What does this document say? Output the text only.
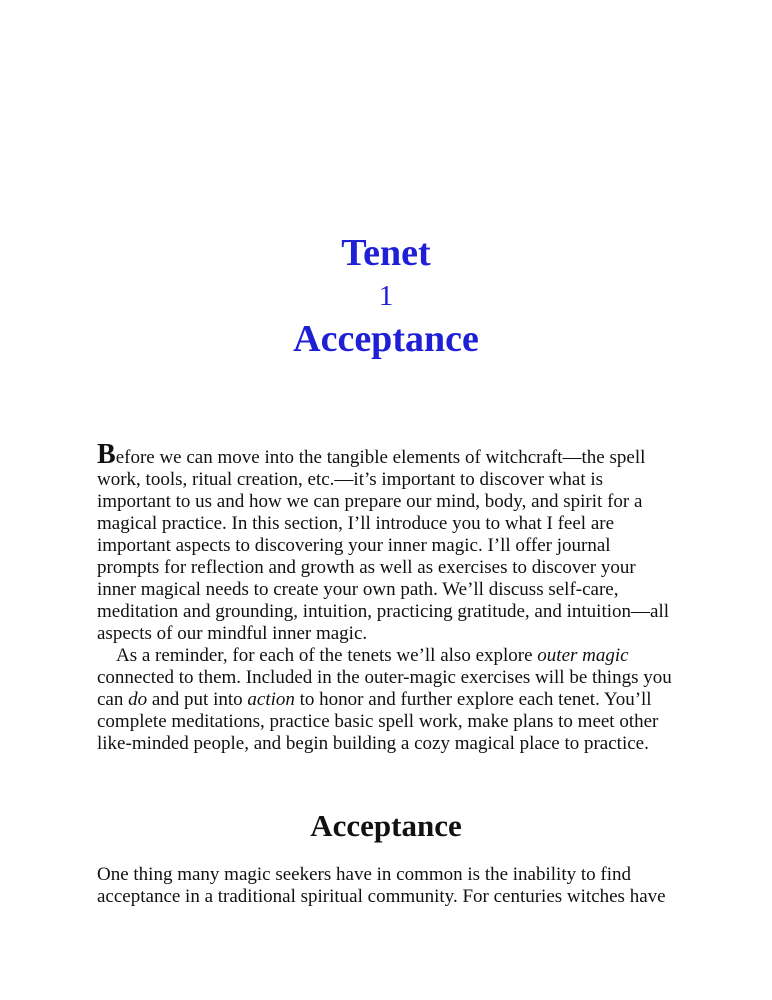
Tenet
1
Acceptance
Before we can move into the tangible elements of witchcraft—the spell
work, tools, ritual creation, etc.—it’s important to discover what is
important to us and how we can prepare our mind, body, and spirit for a
magical practice. In this section, I’ll introduce you to what I feel are
important aspects to discovering your inner magic. I’ll offer journal
prompts for reflection and growth as well as exercises to discover your
inner magical needs to create your own path. We’ll discuss self-care,
meditation and grounding, intuition, practicing gratitude, and intuition—all
aspects of our mindful inner magic.
As a reminder, for each of the tenets we’ll also explore outer magic
connected to them. Included in the outer-magic exercises will be things you
can do and put into action to honor and further explore each tenet. You’ll
complete meditations, practice basic spell work, make plans to meet other
like-minded people, and begin building a cozy magical place to practice.
Acceptance
One thing many magic seekers have in common is the inability to find
acceptance in a traditional spiritual community. For centuries witches have
